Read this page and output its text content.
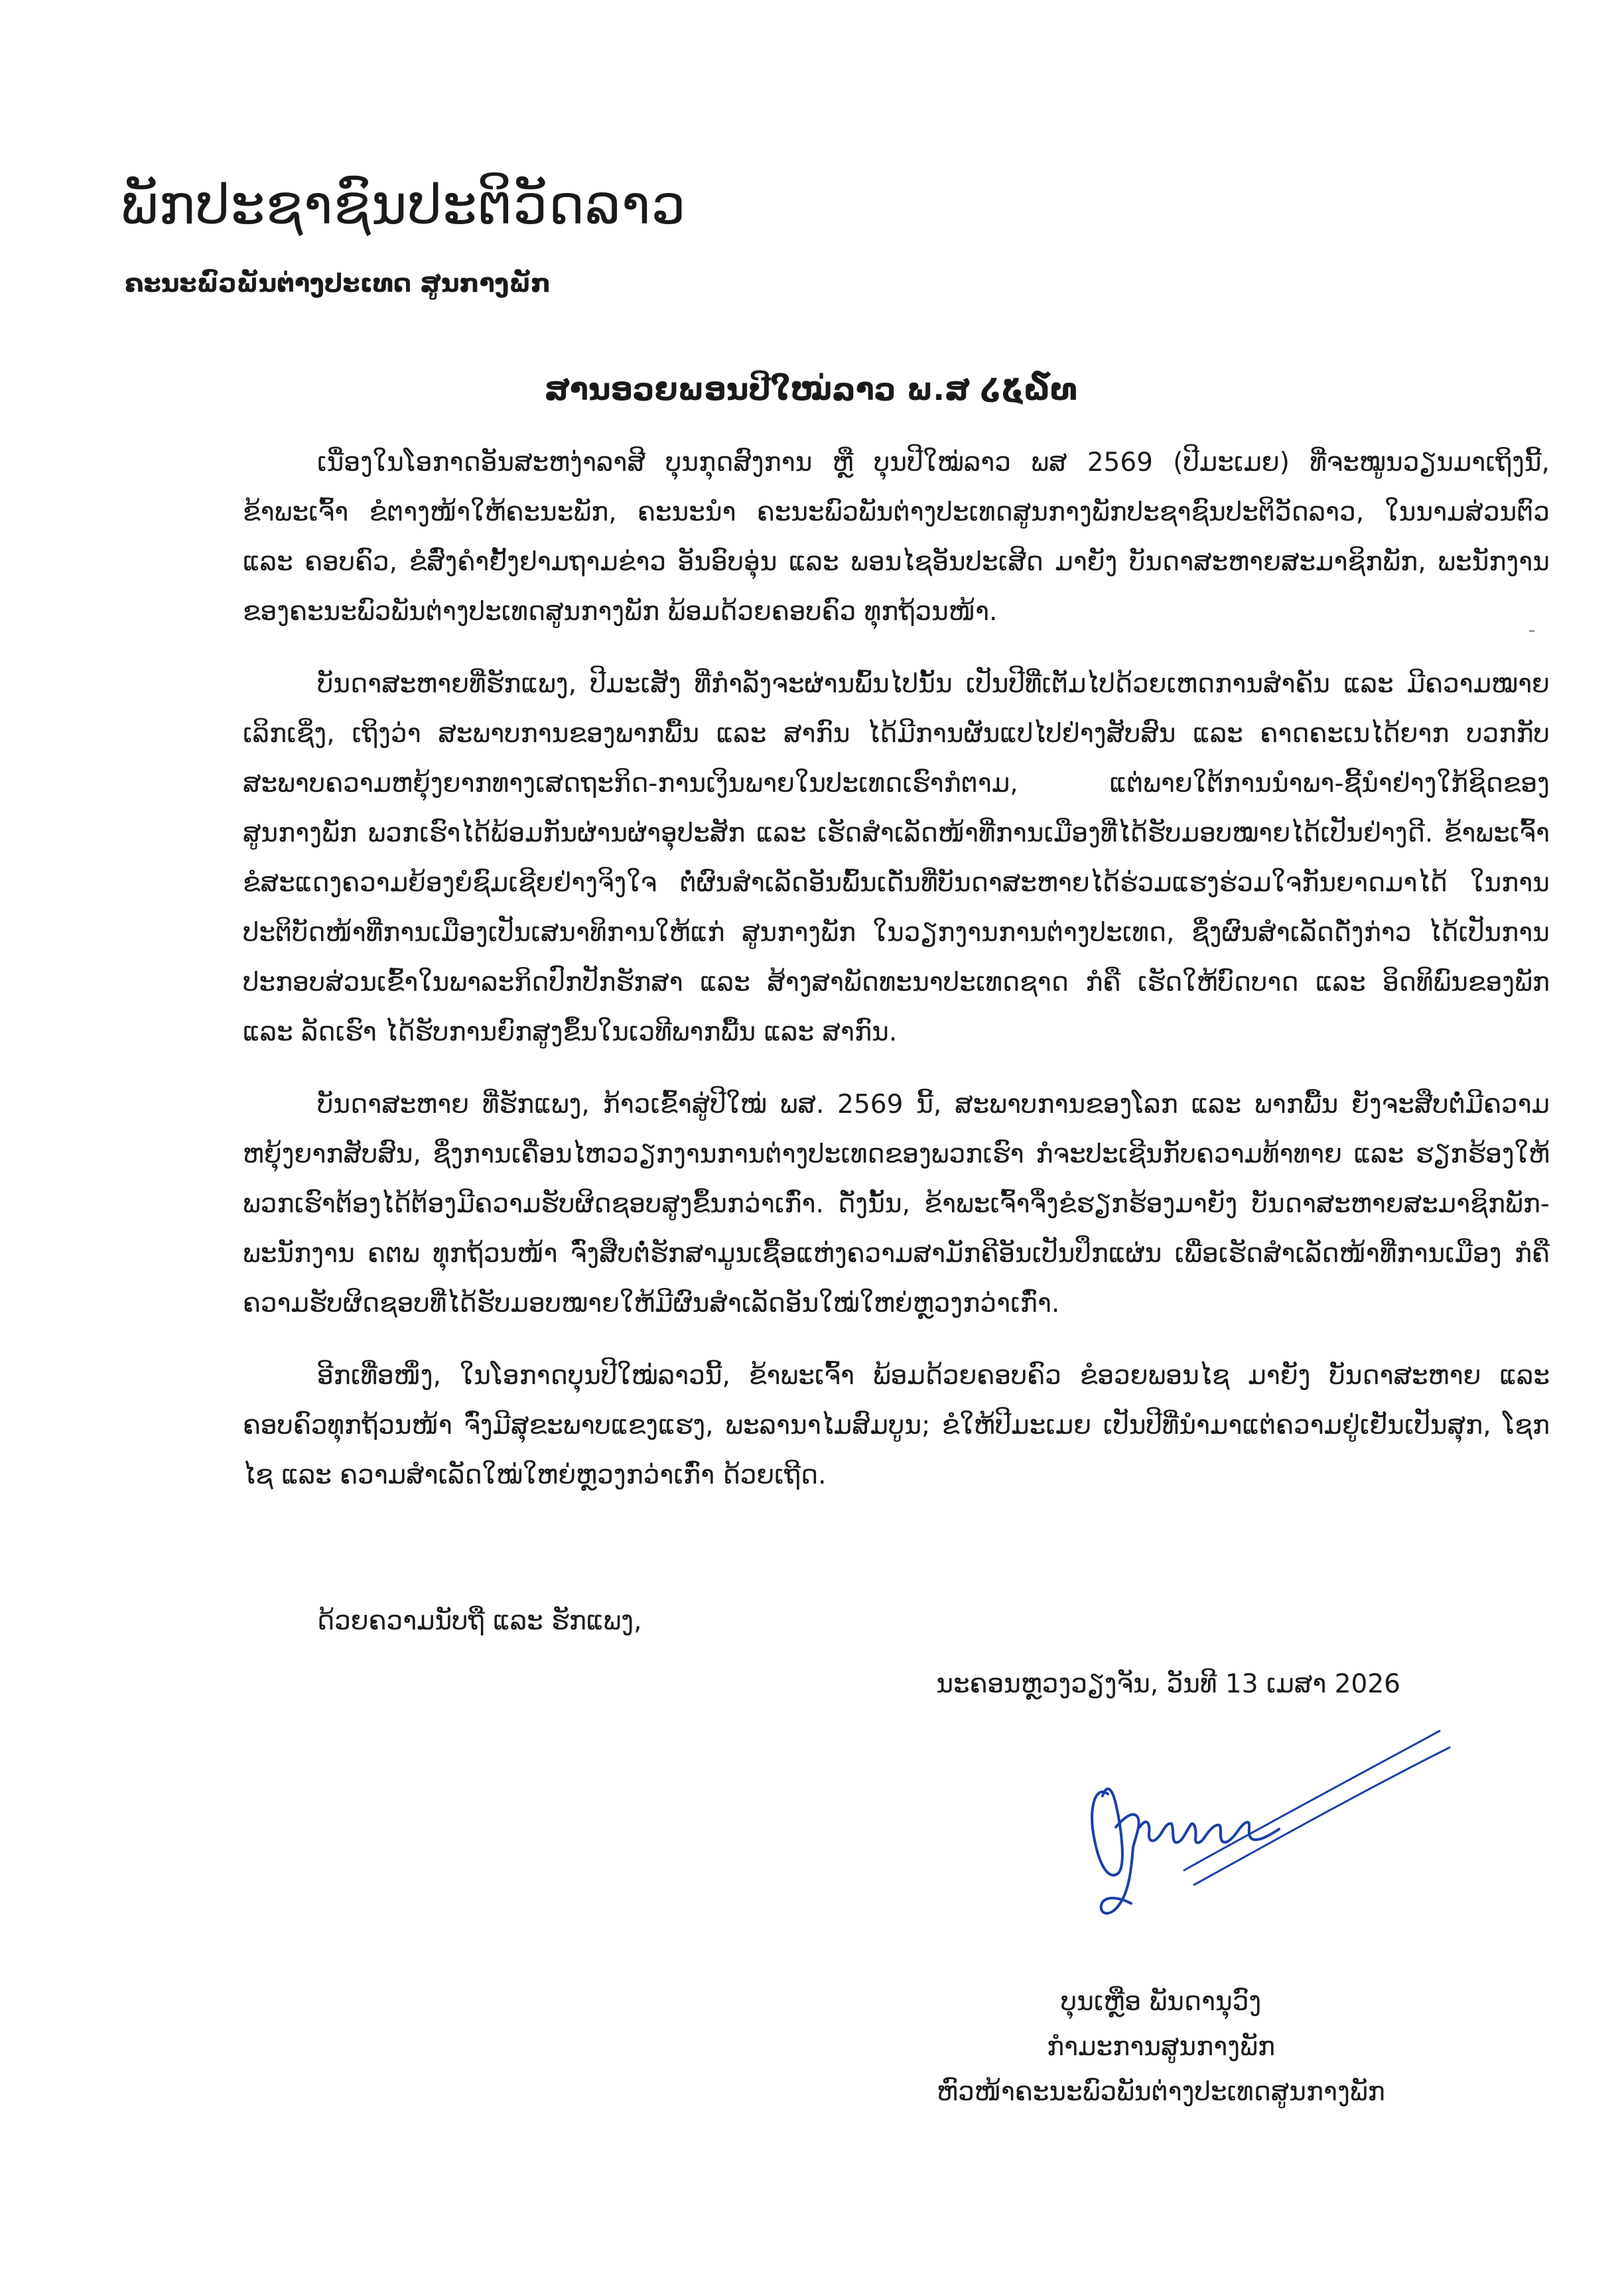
ພັກປະຊາຊົນປະຕິວັດລາວ
ຄະນະພົວພັນຕ່າງປະເທດ ສູນກາງພັກ
ສານອວຍພອນປີໃໝ່ລາວ ພ.ສ ໒໕໖໙

ເນື່ອງໃນໂອກາດອັນສະຫງ່າລາສີ ບຸນກຸດສົງການ ຫຼື ບຸນປີໃໝ່ລາວ ພສ 2569 (ປີມະເມຍ) ທີ່ຈະໝູນວຽນມາເຖິງນີ້, ຂ້າພະເຈົ້າ ຂໍຕາງໜ້າໃຫ້ຄະນະພັກ, ຄະນະນຳ ຄະນະພົວພັນຕ່າງປະເທດສູນກາງພັກປະຊາຊົນປະຕິວັດລາວ, ໃນນາມສ່ວນຕົວ ແລະ ຄອບຄົວ, ຂໍສົ່ງຄຳຢັ້ງຢາມຖາມຂ່າວ ອັນອົບອຸ່ນ ແລະ ພອນໄຊອັນປະເສີດ ມາຍັງ ບັນດາສະຫາຍສະມາຊິກພັກ, ພະນັກງານ ຂອງຄະນະພົວພັນຕ່າງປະເທດສູນກາງພັກ ພ້ອມດ້ວຍຄອບຄົວ ທຸກຖ້ວນໜ້າ.

ບັນດາສະຫາຍທີ່ຮັກແພງ, ປີມະເສັງ ທີ່ກຳລັງຈະຜ່ານພົ້ນໄປນັ້ນ ເປັນປີທີ່ເຕັມໄປດ້ວຍເຫດການສຳຄັນ ແລະ ມີຄວາມໝາຍເລິກເຊິ່ງ, ເຖິງວ່າ ສະພາບການຂອງພາກພື້ນ ແລະ ສາກົນ ໄດ້ມີການຜັນແປໄປຢ່າງສັບສົນ ແລະ ຄາດຄະເນໄດ້ຍາກ ບວກກັບ ສະພາບຄວາມຫຍຸ້ງຍາກທາງເສດຖະກິດ-ການເງິນພາຍໃນປະເທດເຮົາກໍຕາມ, ແຕ່ພາຍໃຕ້ການນຳພາ-ຊີ້ນຳຢ່າງໃກ້ຊິດຂອງ ສູນກາງພັກ ພວກເຮົາໄດ້ພ້ອມກັນຜ່ານຜ່າອຸປະສັກ ແລະ ເຮັດສຳເລັດໜ້າທີ່ການເມືອງທີ່ໄດ້ຮັບມອບໝາຍໄດ້ເປັນຢ່າງດີ. ຂ້າພະເຈົ້າ ຂໍສະແດງຄວາມຍ້ອງຍໍຊົມເຊີຍຢ່າງຈິງໃຈ ຕໍ່ຜົນສຳເລັດອັນພົ້ນເດັ່ນທີ່ບັນດາສະຫາຍໄດ້ຮ່ວມແຮງຮ່ວມໃຈກັນຍາດມາໄດ້ ໃນການປະຕິບັດໜ້າທີ່ການເມືອງເປັນເສນາທິການໃຫ້ແກ່ ສູນກາງພັກ ໃນວຽກງານການຕ່າງປະເທດ, ຊຶ່ງຜົນສຳເລັດດັ່ງກ່າວ ໄດ້ເປັນການປະກອບສ່ວນເຂົ້າໃນພາລະກິດປົກປັກຮັກສາ ແລະ ສ້າງສາພັດທະນາປະເທດຊາດ ກໍຄື ເຮັດໃຫ້ບົດບາດ ແລະ ອິດທິພົນຂອງພັກ ແລະ ລັດເຮົາ ໄດ້ຮັບການຍົກສູງຂຶ້ນໃນເວທີພາກພື້ນ ແລະ ສາກົນ.

ບັນດາສະຫາຍ ທີ່ຮັກແພງ, ກ້າວເຂົ້າສູ່ປີໃໝ່ ພສ. 2569 ນີ້, ສະພາບການຂອງໂລກ ແລະ ພາກພື້ນ ຍັງຈະສືບຕໍ່ມີຄວາມຫຍຸ້ງຍາກສັບສົນ, ຊຶ່ງການເຄື່ອນໄຫວວຽກງານການຕ່າງປະເທດຂອງພວກເຮົາ ກໍຈະປະເຊີນກັບຄວາມທ້າທາຍ ແລະ ຮຽກຮ້ອງໃຫ້ພວກເຮົາຕ້ອງໄດ້ຕ້ອງມີຄວາມຮັບຜິດຊອບສູງຂຶ້ນກວ່າເກົ່າ. ດັ່ງນັ້ນ, ຂ້າພະເຈົ້າຈຶ່ງຂໍຮຽກຮ້ອງມາຍັງ ບັນດາສະຫາຍສະມາຊິກພັກ-ພະນັກງານ ຄຕພ ທຸກຖ້ວນໜ້າ ຈົ່ງສືບຕໍ່ຮັກສາມູນເຊື້ອແຫ່ງຄວາມສາມັກຄີອັນເປັນປຶກແຜ່ນ ເພື່ອເຮັດສຳເລັດໜ້າທີ່ການເມືອງ ກໍຄື ຄວາມຮັບຜິດຊອບທີ່ໄດ້ຮັບມອບໝາຍໃຫ້ມີຜົນສຳເລັດອັນໃໝ່ໃຫຍ່ຫຼວງກວ່າເກົ່າ.

ອີກເທື່ອໜຶ່ງ, ໃນໂອກາດບຸນປີໃໝ່ລາວນີ້, ຂ້າພະເຈົ້າ ພ້ອມດ້ວຍຄອບຄົວ ຂໍອວຍພອນໄຊ ມາຍັງ ບັນດາສະຫາຍ ແລະ ຄອບຄົວທຸກຖ້ວນໜ້າ ຈົ່ງມີສຸຂະພາບແຂງແຮງ, ພະລານາໄມສົມບູນ; ຂໍໃຫ້ປີມະເມຍ ເປັນປີທີ່ນຳມາແຕ່ຄວາມຢູ່ເຢັນເປັນສຸກ, ໂຊກໄຊ ແລະ ຄວາມສຳເລັດໃໝ່ໃຫຍ່ຫຼວງກວ່າເກົ່າ ດ້ວຍເຖີດ.

ດ້ວຍຄວາມນັບຖື ແລະ ຮັກແພງ,
ນະຄອນຫຼວງວຽງຈັນ, ວັນທີ 13 ເມສາ 2026
ບຸນເຫຼືອ ພັນດານຸວົງ
ກຳມະການສູນກາງພັກ
ຫົວໜ້າຄະນະພົວພັນຕ່າງປະເທດສູນກາງພັກ
